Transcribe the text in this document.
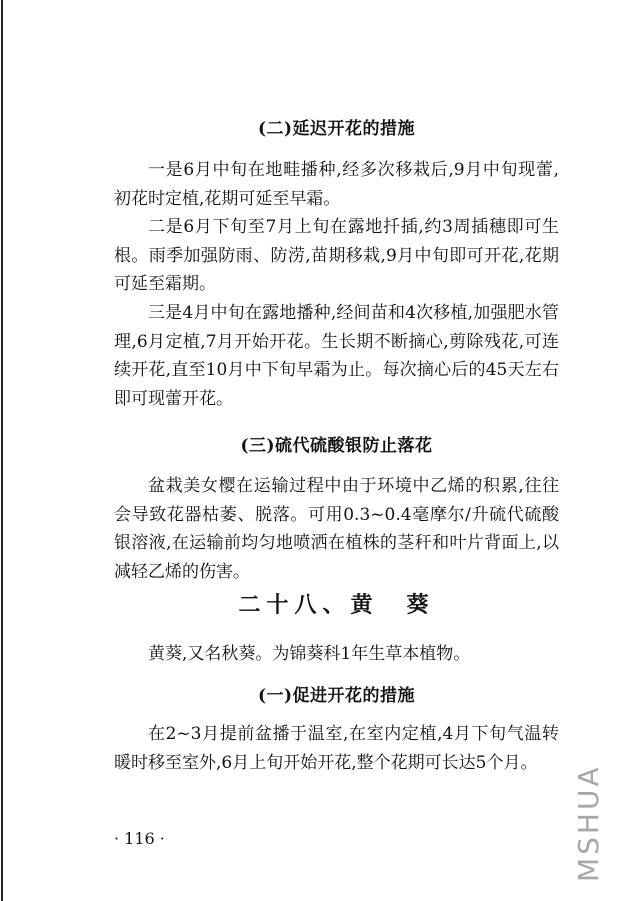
(二)延迟开花的措施

一是6月中旬在地畦播种,经多次移栽后,9月中旬现蕾,初花时定植,花期可延至早霜。

二是6月下旬至7月上旬在露地扦插,约3周插穗即可生根。雨季加强防雨、防涝,苗期移栽,9月中旬即可开花,花期可延至霜期。

三是4月中旬在露地播种,经间苗和4次移植,加强肥水管理,6月定植,7月开始开花。生长期不断摘心,剪除残花,可连续开花,直至10月中下旬早霜为止。每次摘心后的45天左右即可现蕾开花。

(三)硫代硫酸银防止落花

盆栽美女樱在运输过程中由于环境中乙烯的积累,往往会导致花器枯萎、脱落。可用0.3~0.4毫摩尔/升硫代硫酸银溶液,在运输前均匀地喷洒在植株的茎秆和叶片背面上,以减轻乙烯的伤害。

二十八、黄　葵

黄葵,又名秋葵。为锦葵科1年生草本植物。

(一)促进开花的措施

在2~3月提前盆播于温室,在室内定植,4月下旬气温转暖时移至室外,6月上旬开始开花,整个花期可长达5个月。

· 116 ·	MSHUA
